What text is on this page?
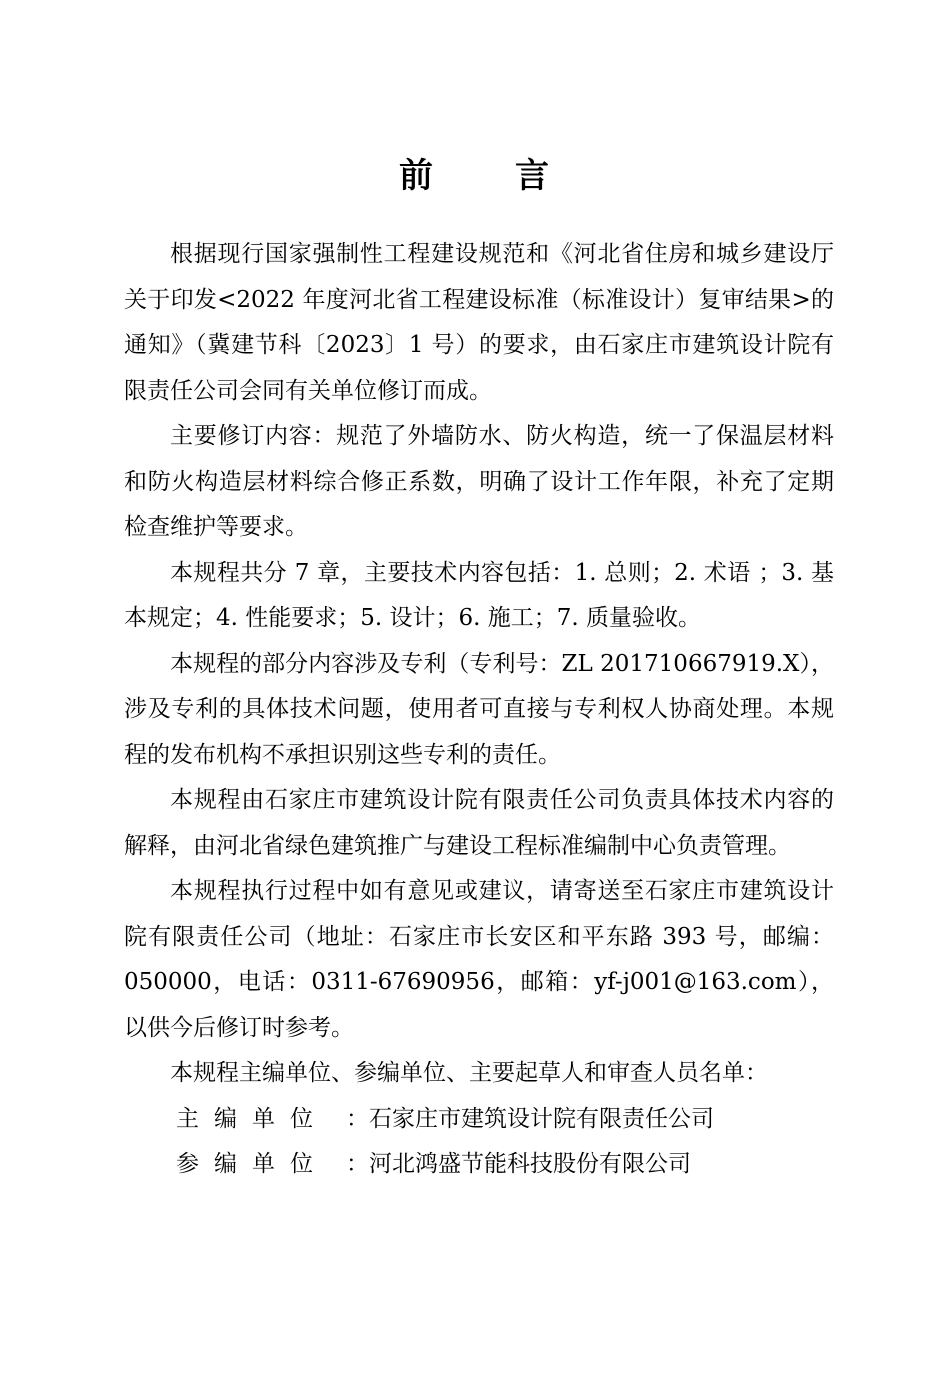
前 言

根据现行国家强制性工程建设规范和《河北省住房和城乡建设厅关于印发<2022 年度河北省工程建设标准（标准设计）复审结果>的通知》（冀建节科〔2023〕1 号）的要求，由石家庄市建筑设计院有限责任公司会同有关单位修订而成。

主要修订内容：规范了外墙防水、防火构造，统一了保温层材料和防火构造层材料综合修正系数，明确了设计工作年限，补充了定期检查维护等要求。

本规程共分 7 章，主要技术内容包括：1. 总则；2. 术语 ；3. 基本规定；4. 性能要求；5. 设计；6. 施工；7. 质量验收。

本规程的部分内容涉及专利（专利号：ZL 201710667919.X），涉及专利的具体技术问题，使用者可直接与专利权人协商处理。本规程的发布机构不承担识别这些专利的责任。

本规程由石家庄市建筑设计院有限责任公司负责具体技术内容的解释，由河北省绿色建筑推广与建设工程标准编制中心负责管理。

本规程执行过程中如有意见或建议，请寄送至石家庄市建筑设计院有限责任公司（地址：石家庄市长安区和平东路 393 号，邮编：050000，电话：0311-67690956，邮箱：yf-j001@163.com），以供今后修订时参考。

本规程主编单位、参编单位、主要起草人和审查人员名单：

主 编 单 位 ：石家庄市建筑设计院有限责任公司
参 编 单 位 ：河北鸿盛节能科技股份有限公司
